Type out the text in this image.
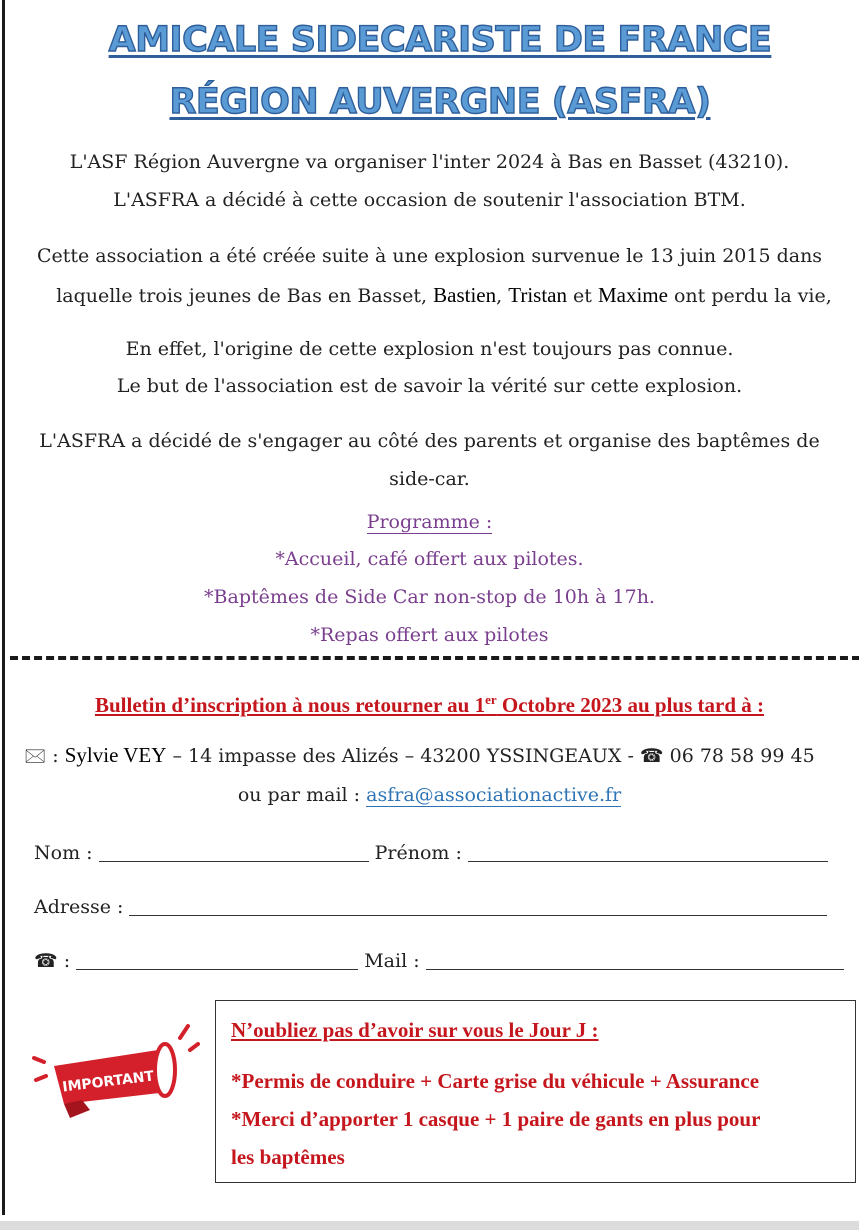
AMICALE SIDECARISTE DE FRANCE
RÉGION AUVERGNE (ASFRA)
L'ASF Région Auvergne va organiser l'inter 2024 à Bas en Basset (43210).
L'ASFRA a décidé à cette occasion de soutenir l'association BTM.
Cette association a été créée suite à une explosion survenue le 13 juin 2015 dans
laquelle trois jeunes de Bas en Basset, Bastien, Tristan et Maxime ont perdu la vie,
En effet, l'origine de cette explosion n'est toujours pas connue.
Le but de l'association est de savoir la vérité sur cette explosion.
L'ASFRA a décidé de s'engager au côté des parents et organise des baptêmes de
side-car.
Programme :
*Accueil, café offert aux pilotes.
*Baptêmes de Side Car non-stop de 10h à 17h.
*Repas offert aux pilotes
Bulletin d’inscription à nous retourner au 1er Octobre 2023 au plus tard à :
🖂 : Sylvie VEY – 14 impasse des Alizés – 43200 YSSINGEAUX - ☎ 06 78 58 99 45
ou par mail : asfra@associationactive.fr
Nom :	Prénom :
Adresse :
☎ :	Mail :
IMPORTANT
N’oubliez pas d’avoir sur vous le Jour J :
*Permis de conduire + Carte grise du véhicule + Assurance
*Merci d’apporter 1 casque + 1 paire de gants en plus pour
les baptêmes
